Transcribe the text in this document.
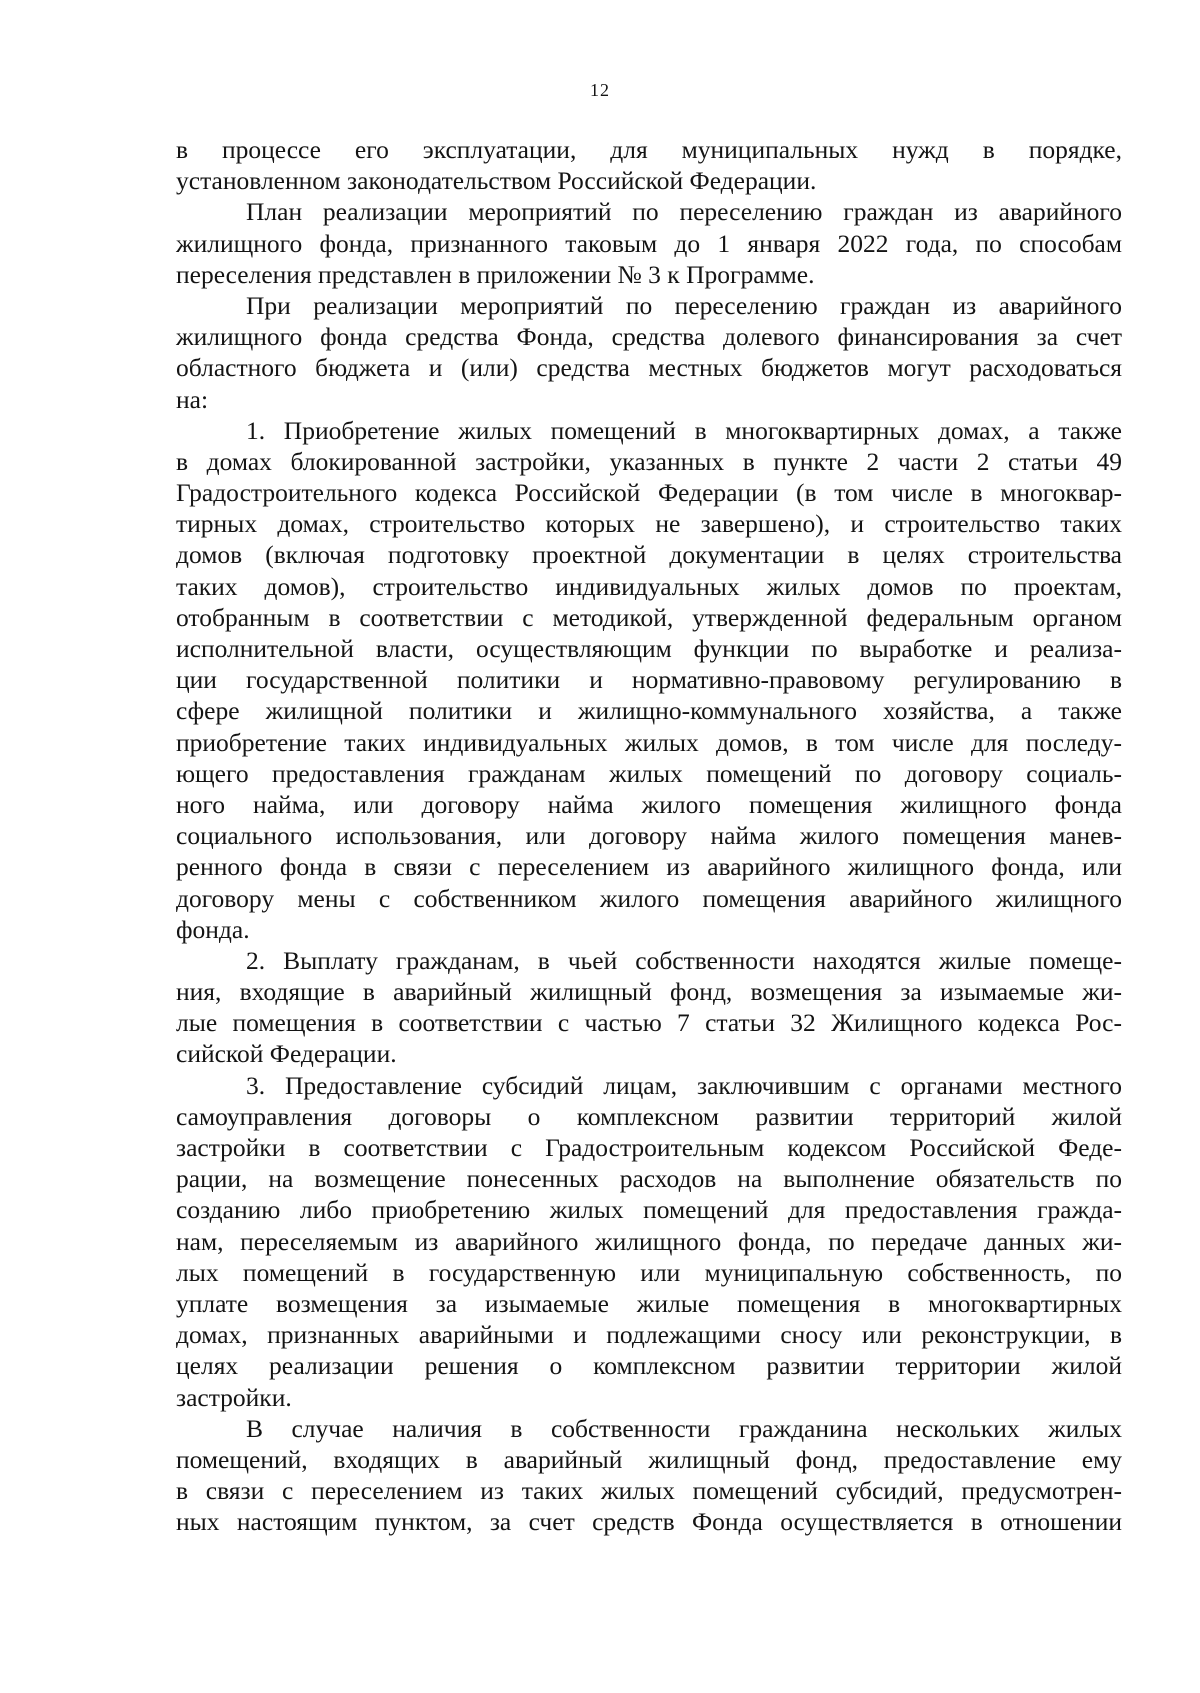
12
в процессе его эксплуатации, для муниципальных нужд в порядке,
установленном законодательством Российской Федерации.
План реализации мероприятий по переселению граждан из аварийного
жилищного фонда, признанного таковым до 1 января 2022 года, по способам
переселения представлен в приложении № 3 к Программе.
При реализации мероприятий по переселению граждан из аварийного
жилищного фонда средства Фонда, средства долевого финансирования за счет
областного бюджета и (или) средства местных бюджетов могут расходоваться
на:
1. Приобретение жилых помещений в многоквартирных домах, а также
в домах блокированной застройки, указанных в пункте 2 части 2 статьи 49
Градостроительного кодекса Российской Федерации (в том числе в многоквар-
тирных домах, строительство которых не завершено), и строительство таких
домов (включая подготовку проектной документации в целях строительства
таких домов), строительство индивидуальных жилых домов по проектам,
отобранным в соответствии с методикой, утвержденной федеральным органом
исполнительной власти, осуществляющим функции по выработке и реализа-
ции государственной политики и нормативно-правовому регулированию в
сфере жилищной политики и жилищно-коммунального хозяйства, а также
приобретение таких индивидуальных жилых домов, в том числе для последу-
ющего предоставления гражданам жилых помещений по договору социаль-
ного найма, или договору найма жилого помещения жилищного фонда
социального использования, или договору найма жилого помещения манев-
ренного фонда в связи с переселением из аварийного жилищного фонда, или
договору мены с собственником жилого помещения аварийного жилищного
фонда.
2. Выплату гражданам, в чьей собственности находятся жилые помеще-
ния, входящие в аварийный жилищный фонд, возмещения за изымаемые жи-
лые помещения в соответствии с частью 7 статьи 32 Жилищного кодекса Рос-
сийской Федерации.
3. Предоставление субсидий лицам, заключившим с органами местного
самоуправления договоры о комплексном развитии территорий жилой
застройки в соответствии с Градостроительным кодексом Российской Феде-
рации, на возмещение понесенных расходов на выполнение обязательств по
созданию либо приобретению жилых помещений для предоставления гражда-
нам, переселяемым из аварийного жилищного фонда, по передаче данных жи-
лых помещений в государственную или муниципальную собственность, по
уплате возмещения за изымаемые жилые помещения в многоквартирных
домах, признанных аварийными и подлежащими сносу или реконструкции, в
целях реализации решения о комплексном развитии территории жилой
застройки.
В случае наличия в собственности гражданина нескольких жилых
помещений, входящих в аварийный жилищный фонд, предоставление ему
в связи с переселением из таких жилых помещений субсидий, предусмотрен-
ных настоящим пунктом, за счет средств Фонда осуществляется в отношении
